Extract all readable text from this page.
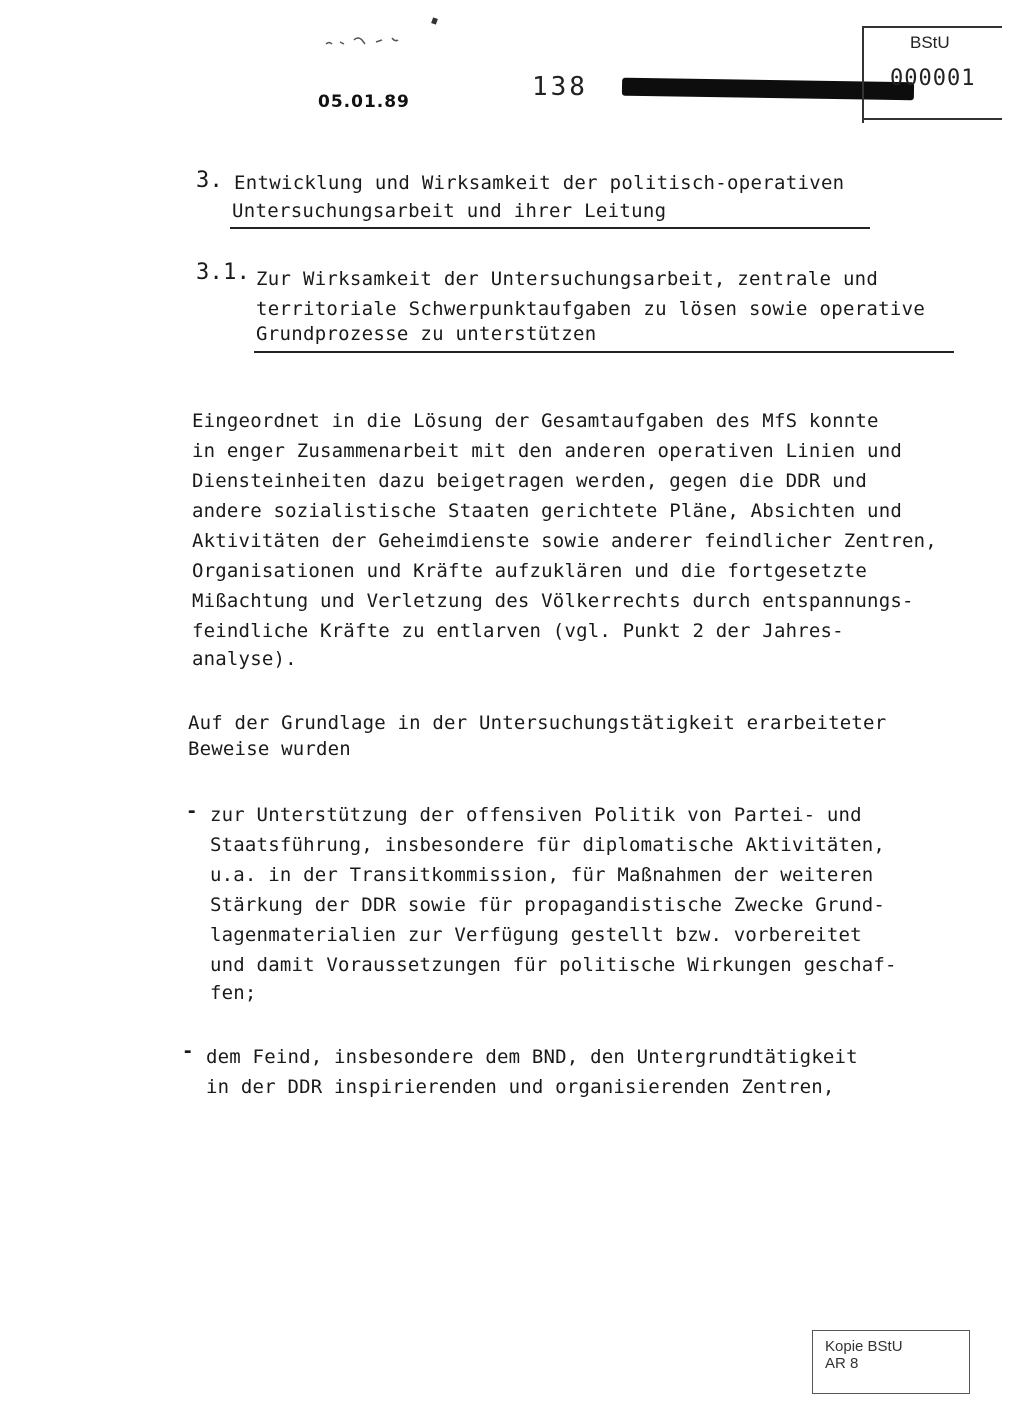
05.01.89	138
BStU
000001
3. Entwicklung und Wirksamkeit der politisch-operativen
Untersuchungsarbeit und ihrer Leitung
3.1. Zur Wirksamkeit der Untersuchungsarbeit, zentrale und
territoriale Schwerpunktaufgaben zu lösen sowie operative
Grundprozesse zu unterstützen
Eingeordnet in die Lösung der Gesamtaufgaben des MfS konnte
in enger Zusammenarbeit mit den anderen operativen Linien und
Diensteinheiten dazu beigetragen werden, gegen die DDR und
andere sozialistische Staaten gerichtete Pläne, Absichten und
Aktivitäten der Geheimdienste sowie anderer feindlicher Zentren,
Organisationen und Kräfte aufzuklären und die fortgesetzte
Mißachtung und Verletzung des Völkerrechts durch entspannungs-
feindliche Kräfte zu entlarven (vgl. Punkt 2 der Jahres-
analyse).
Auf der Grundlage in der Untersuchungstätigkeit erarbeiteter
Beweise wurden
- zur Unterstützung der offensiven Politik von Partei- und
Staatsführung, insbesondere für diplomatische Aktivitäten,
u.a. in der Transitkommission, für Maßnahmen der weiteren
Stärkung der DDR sowie für propagandistische Zwecke Grund-
lagenmaterialien zur Verfügung gestellt bzw. vorbereitet
und damit Voraussetzungen für politische Wirkungen geschaf-
fen;
- dem Feind, insbesondere dem BND, den Untergrundtätigkeit
in der DDR inspirierenden und organisierenden Zentren,
Kopie BStU
AR 8
